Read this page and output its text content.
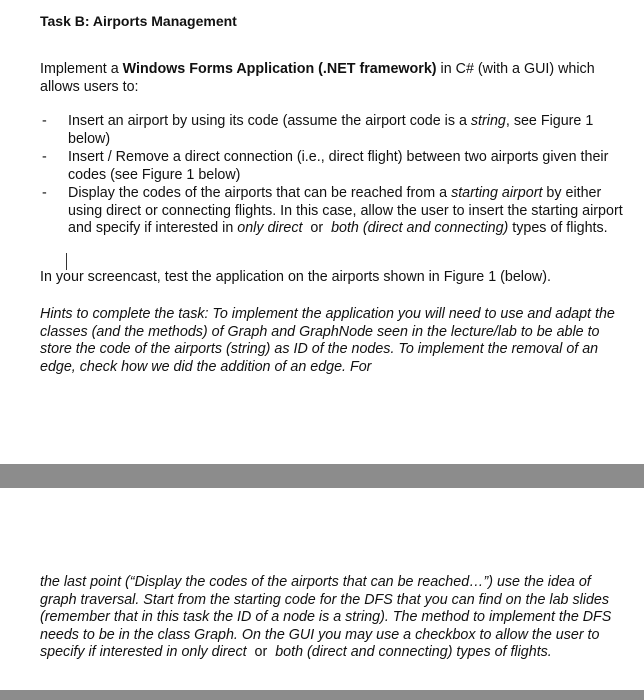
Task B: Airports Management
Implement a Windows Forms Application (.NET framework) in C# (with a GUI) which allows users to:
- Insert an airport by using its code (assume the airport code is a string, see Figure 1 below)
- Insert / Remove a direct connection (i.e., direct flight) between two airports given their codes (see Figure 1 below)
- Display the codes of the airports that can be reached from a starting airport by either using direct or connecting flights. In this case, allow the user to insert the starting airport and specify if interested in only direct  or  both (direct and connecting) types of flights.
In your screencast, test the application on the airports shown in Figure 1 (below).
Hints to complete the task: To implement the application you will need to use and adapt the classes (and the methods) of Graph and GraphNode seen in the lecture/lab to be able to store the code of the airports (string) as ID of the nodes. To implement the removal of an edge, check how we did the addition of an edge. For
the last point (“Display the codes of the airports that can be reached…”) use the idea of graph traversal. Start from the starting code for the DFS that you can find on the lab slides (remember that in this task the ID of a node is a string). The method to implement the DFS needs to be in the class Graph. On the GUI you may use a checkbox to allow the user to specify if interested in only direct  or  both (direct and connecting) types of flights.
